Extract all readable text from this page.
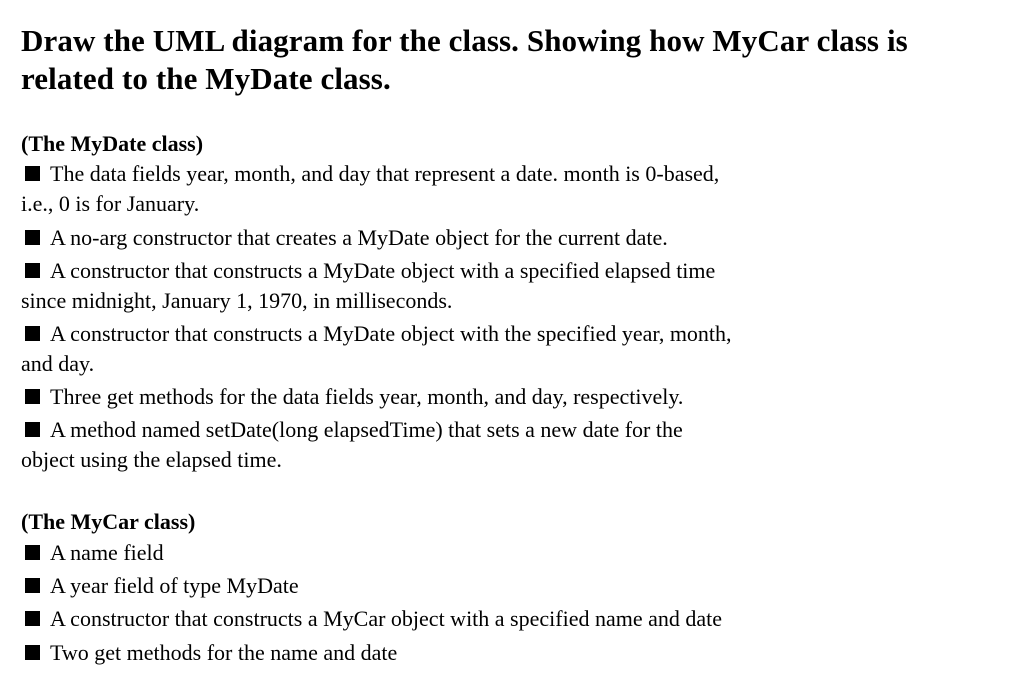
Draw the UML diagram for the class. Showing how MyCar class is
related to the MyDate class.

(The MyDate class)

The data fields year, month, and day that represent a date. month is 0-based,
i.e., 0 is for January.

A no-arg constructor that creates a MyDate object for the current date.

A constructor that constructs a MyDate object with a specified elapsed time
since midnight, January 1, 1970, in milliseconds.

A constructor that constructs a MyDate object with the specified year, month,
and day.

Three get methods for the data fields year, month, and day, respectively.

A method named setDate(long elapsedTime) that sets a new date for the
object using the elapsed time.

(The MyCar class)

A name field

A year field of type MyDate

A constructor that constructs a MyCar object with a specified name and date

Two get methods for the name and date
